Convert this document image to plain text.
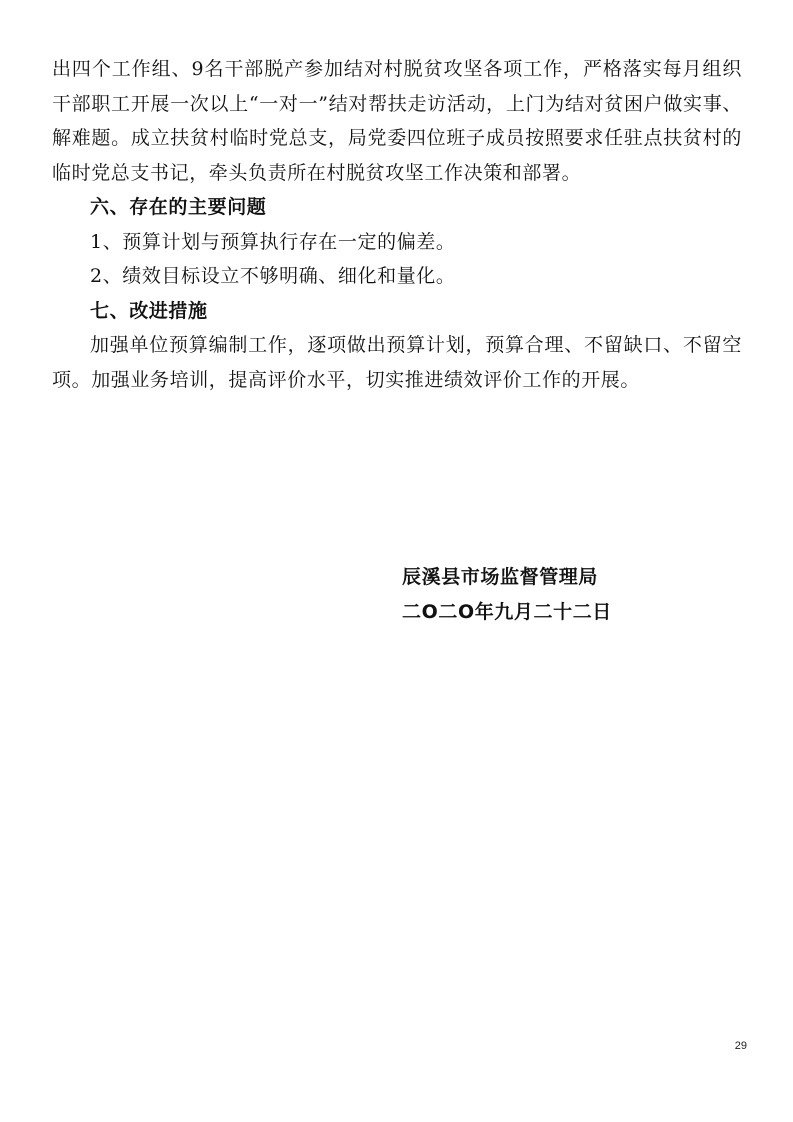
出四个工作组、9名干部脱产参加结对村脱贫攻坚各项工作，严格落实每月组织干部职工开展一次以上“一对一”结对帮扶走访活动，上门为结对贫困户做实事、解难题。成立扶贫村临时党总支，局党委四位班子成员按照要求任驻点扶贫村的临时党总支书记，牵头负责所在村脱贫攻坚工作决策和部署。

六、存在的主要问题

1、预算计划与预算执行存在一定的偏差。

2、绩效目标设立不够明确、细化和量化。

七、改进措施

加强单位预算编制工作，逐项做出预算计划，预算合理、不留缺口、不留空项。加强业务培训，提高评价水平，切实推进绩效评价工作的开展。

辰溪县市场监督管理局
二O二O年九月二十二日
29
